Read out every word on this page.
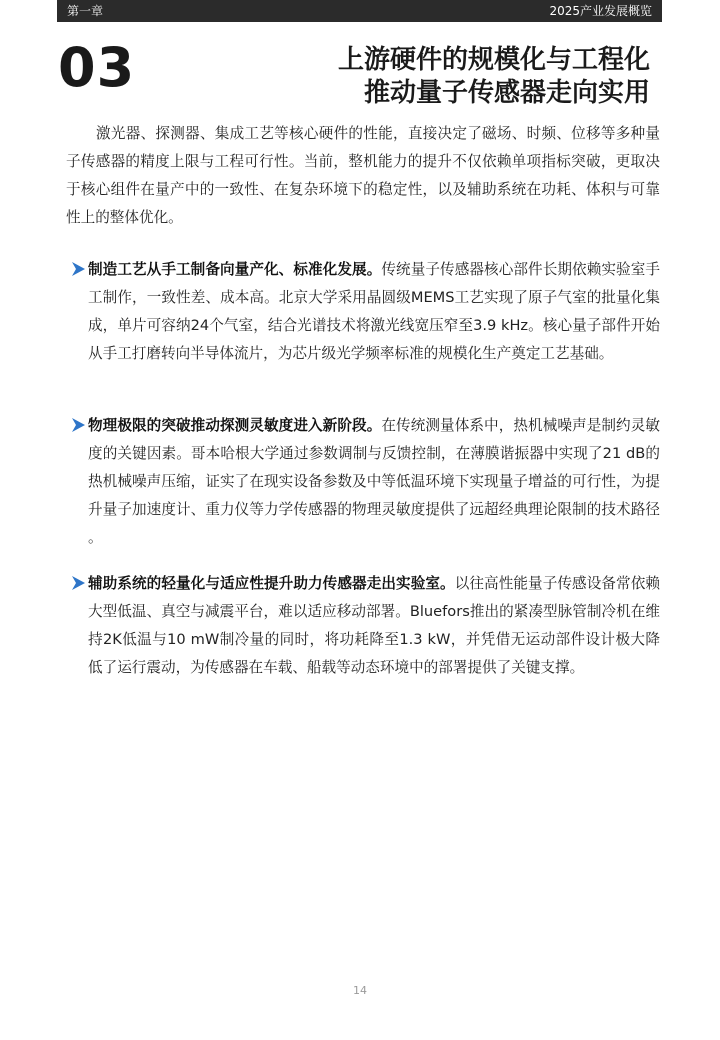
第一章	2025产业发展概览
03	上游硬件的规模化与工程化
推动量子传感器走向实用

激光器、探测器、集成工艺等核心硬件的性能，直接决定了磁场、时频、位移等多种量子传感器的精度上限与工程可行性。当前，整机能力的提升不仅依赖单项指标突破，更取决于核心组件在量产中的一致性、在复杂环境下的稳定性，以及辅助系统在功耗、体积与可靠性上的整体优化。

制造工艺从手工制备向量产化、标准化发展。传统量子传感器核心部件长期依赖实验室手工制作，一致性差、成本高。北京大学采用晶圆级MEMS工艺实现了原子气室的批量化集成，单片可容纳24个气室，结合光谱技术将激光线宽压窄至3.9 kHz。核心量子部件开始从手工打磨转向半导体流片，为芯片级光学频率标准的规模化生产奠定工艺基础。

物理极限的突破推动探测灵敏度进入新阶段。在传统测量体系中，热机械噪声是制约灵敏度的关键因素。哥本哈根大学通过参数调制与反馈控制，在薄膜谐振器中实现了21 dB的热机械噪声压缩，证实了在现实设备参数及中等低温环境下实现量子增益的可行性，为提升量子加速度计、重力仪等力学传感器的物理灵敏度提供了远超经典理论限制的技术路径 。

辅助系统的轻量化与适应性提升助力传感器走出实验室。以往高性能量子传感设备常依赖大型低温、真空与减震平台，难以适应移动部署。Bluefors推出的紧凑型脉管制冷机在维持2K低温与10 mW制冷量的同时，将功耗降至1.3 kW，并凭借无运动部件设计极大降低了运行震动，为传感器在车载、船载等动态环境中的部署提供了关键支撑。

14
